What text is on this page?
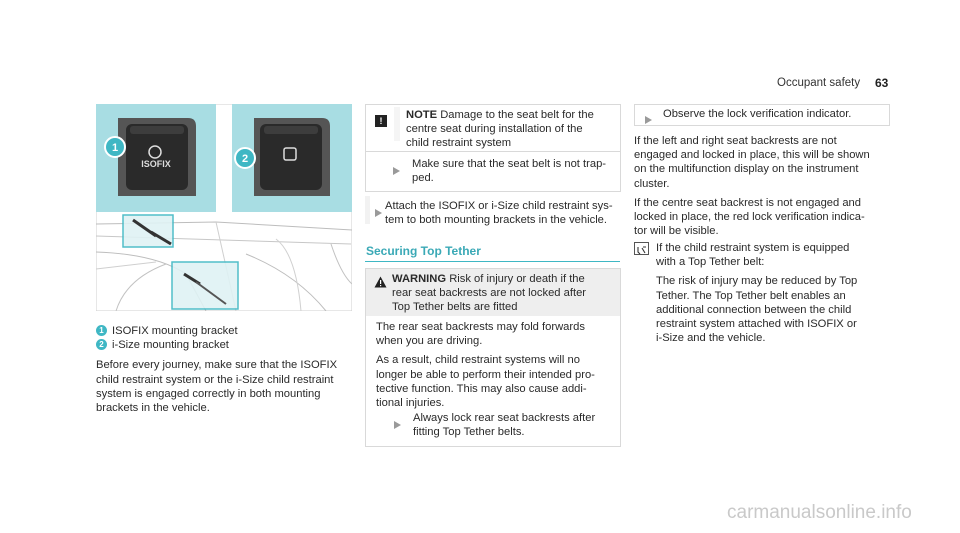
Occupant safety 63
ISOFIX
1
2
1 ISOFIX mounting bracket
2 i-Size mounting bracket
Before every journey, make sure that the ISOFIX
child restraint system or the i-Size child restraint
system is engaged correctly in both mounting
brackets in the vehicle.
!	NOTE Damage to the seat belt for the
centre seat during installation of the
child restraint system
Make sure that the seat belt is not trap-
ped.
Attach the ISOFIX or i-Size child restraint sys-
tem to both mounting brackets in the vehicle.
Securing Top Tether
WARNING Risk of injury or death if the
rear seat backrests are not locked after
Top Tether belts are fitted
The rear seat backrests may fold forwards
when you are driving.
As a result, child restraint systems will no
longer be able to perform their intended pro-
tective function. This may also cause addi-
tional injuries.
Always lock rear seat backrests after
fitting Top Tether belts.
Observe the lock verification indicator.
If the left and right seat backrests are not
engaged and locked in place, this will be shown
on the multifunction display on the instrument
cluster.
If the centre seat backrest is not engaged and
locked in place, the red lock verification indica-
tor will be visible.
If the child restraint system is equipped
with a Top Tether belt:
The risk of injury may be reduced by Top
Tether. The Top Tether belt enables an
additional connection between the child
restraint system attached with ISOFIX or
i-Size and the vehicle.
carmanualsonline.info
